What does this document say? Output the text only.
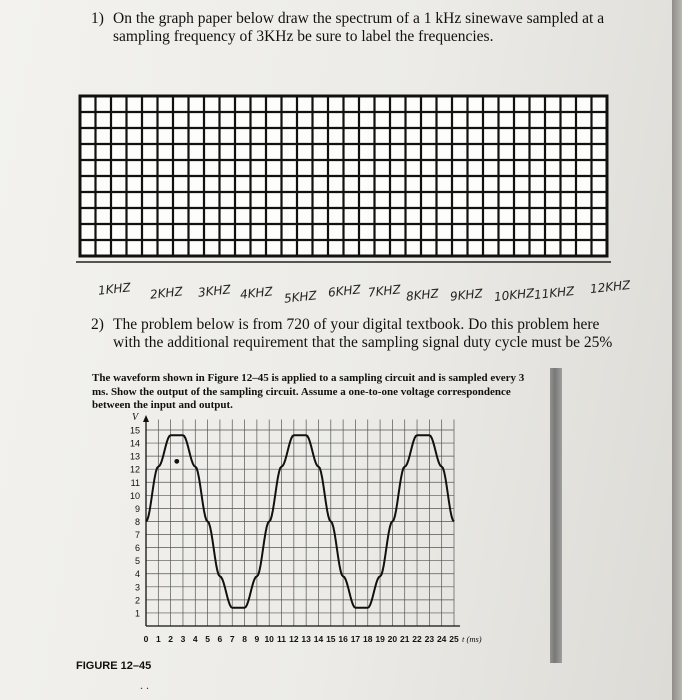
1) On the graph paper below draw the spectrum of a 1 kHz sinewave sampled at a
sampling frequency of 3KHz be sure to label the frequencies.
1KHZ 2KHZ 3KHZ 4KHZ 5KHZ 6KHZ 7KHZ 8KHZ 9KHZ 10KHZ
11KHZ 12KHZ
2) The problem below is from 720 of your digital textbook. Do this problem here
with the additional requirement that the sampling signal duty cycle must be 25%

The waveform shown in Figure 12–45 is applied to a sampling circuit and is sampled every 3 ms. Show the output of the sampling circuit. Assume a one-to-one voltage correspondence between the input and output.

1
2
3
4
5
6
7
8
9
10
11
12
13
14
15
V
0 1 2 3 4 5 6 7 8 9 10 11 12 13 14 15 16 17 18 19 20 21 22 23 24 25 t (ms)
FIGURE 12–45
. .
